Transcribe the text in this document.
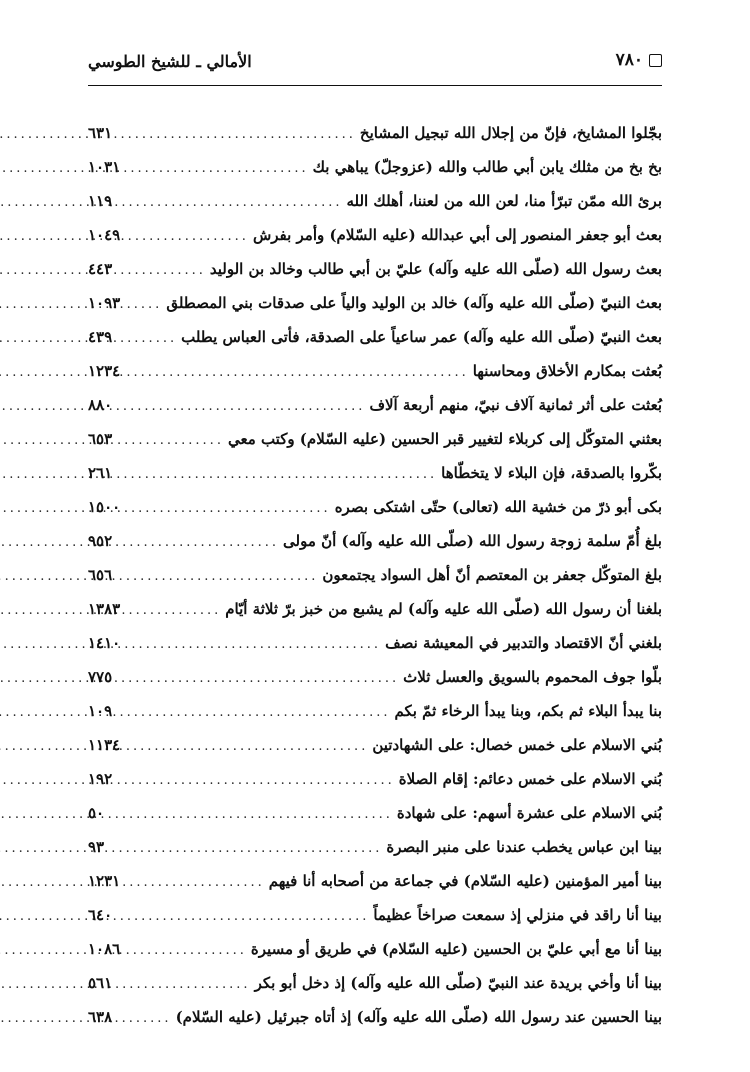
٧٨٠
الأمالي ـ للشيخ الطوسي
بجّلوا المشايخ، فإنّ من إجلال الله تبجيل المشايخ
.....
٦٣١
بخ بخ من مثلك يابن أبي طالب والله (عزوجلّ) يباهي بك
.....
١٠٣١
برئ الله ممّن تبرّأ منا، لعن الله من لعننا، أهلك الله
.....
١١٩
بعث أبو جعفر المنصور إلى أبي عبدالله (عليه السّلام) وأمر بفرش
.....
١٠٤٩
بعث رسول الله (صلّى الله عليه وآله) عليّ بن أبي طالب وخالد بن الوليد
.....
٤٤٣
بعث النبيّ (صلّى الله عليه وآله) خالد بن الوليد والياً على صدقات بني المصطلق
.....
١٠٩٣
بعث النبيّ (صلّى الله عليه وآله) عمر ساعياً على الصدقة، فأتى العباس يطلب
.....
٤٣٩
بُعثت بمكارم الأخلاق ومحاسنها
.....
١٢٣٤
بُعثت على أثر ثمانية آلاف نبيّ، منهم أربعة آلاف
.....
٨٨٠
بعثني المتوكّل إلى كربلاء لتغيير قبر الحسين (عليه السّلام) وكتب معي
.....
٦٥٣
بكّروا بالصدقة، فإن البلاء لا يتخطّاها
.....
٢٦١
بكى أبو ذرّ من خشية الله (تعالى) حتّى اشتكى بصره
.....
١٥٠٠
بلغ أُمّ سلمة زوجة رسول الله (صلّى الله عليه وآله) أنّ مولى
.....
٩٥٢
بلغ المتوكّل جعفر بن المعتصم أنّ أهل السواد يجتمعون
.....
٦٥٦
بلغنا أن رسول الله (صلّى الله عليه وآله) لم يشبع من خبز برّ ثلاثة أيّام
.....
١٣٨٣
بلغني أنّ الاقتصاد والتدبير في المعيشة نصف
.....
١٤١٠
بلّوا جوف المحموم بالسويق والعسل ثلاث
.....
٧٧٥
بنا يبدأ البلاء ثم بكم، وبنا يبدأ الرخاء ثمّ بكم
.....
١٠٩
بُني الاسلام على خمس خصال: على الشهادتين
.....
١١٣٤
بُني الاسلام على خمس دعائم: إقام الصلاة
.....
١٩٢
بُني الاسلام على عشرة أسهم: على شهادة
.....
٥٠
بينا ابن عباس يخطب عندنا على منبر البصرة
.....
٩٣
بينا أمير المؤمنين (عليه السّلام) في جماعة من أصحابه أنا فيهم
.....
١٢٣١
بينا أنا راقد في منزلي إذ سمعت صراخاً عظيماً
.....
٦٤٠
بينا أنا مع أبي عليّ بن الحسين (عليه السّلام) في طريق أو مسيرة
.....
١٠٨٦
بينا أنا وأخي بريدة عند النبيّ (صلّى الله عليه وآله) إذ دخل أبو بكر
.....
٥٦١
بينا الحسين عند رسول الله (صلّى الله عليه وآله) إذ أتاه جبرئيل (عليه السّلام)
.....
٦٣٨
